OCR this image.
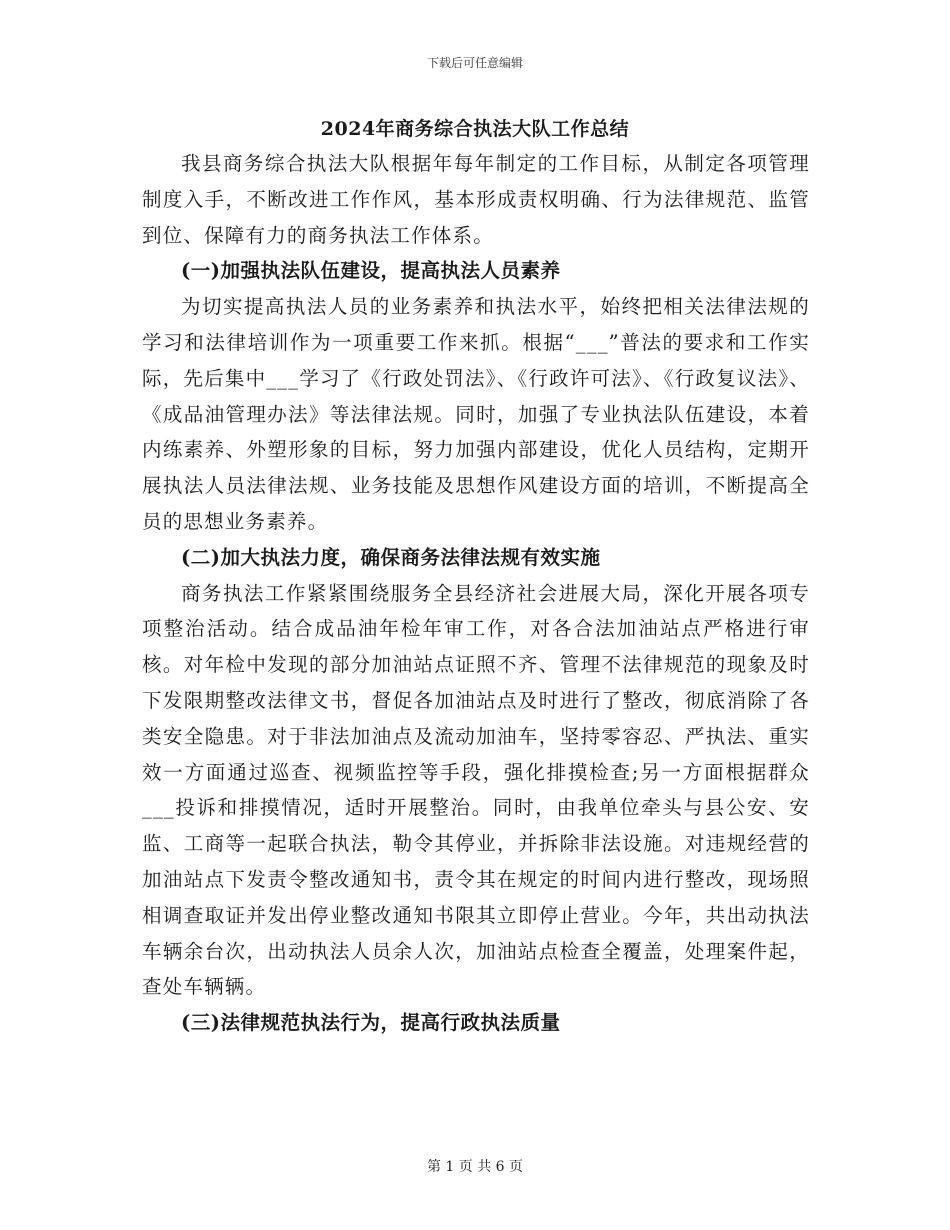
下载后可任意编辑
2024年商务综合执法大队工作总结

我县商务综合执法大队根据年每年制定的工作目标，从制定各项管理制度入手，不断改进工作作风，基本形成责权明确、行为法律规范、监管到位、保障有力的商务执法工作体系。

(一)加强执法队伍建设，提高执法人员素养

为切实提高执法人员的业务素养和执法水平，始终把相关法律法规的学习和法律培训作为一项重要工作来抓。根据“___”普法的要求和工作实际，先后集中___学习了《行政处罚法》、《行政许可法》、《行政复议法》、《成品油管理办法》等法律法规。同时，加强了专业执法队伍建设，本着内练素养、外塑形象的目标，努力加强内部建设，优化人员结构，定期开展执法人员法律法规、业务技能及思想作风建设方面的培训，不断提高全员的思想业务素养。

(二)加大执法力度，确保商务法律法规有效实施

商务执法工作紧紧围绕服务全县经济社会进展大局，深化开展各项专项整治活动。结合成品油年检年审工作，对各合法加油站点严格进行审核。对年检中发现的部分加油站点证照不齐、管理不法律规范的现象及时下发限期整改法律文书，督促各加油站点及时进行了整改，彻底消除了各类安全隐患。对于非法加油点及流动加油车，坚持零容忍、严执法、重实效一方面通过巡查、视频监控等手段，强化排摸检查;另一方面根据群众___投诉和排摸情况，适时开展整治。同时，由我单位牵头与县公安、安监、工商等一起联合执法，勒令其停业，并拆除非法设施。对违规经营的加油站点下发责令整改通知书，责令其在规定的时间内进行整改，现场照相调查取证并发出停业整改通知书限其立即停止营业。今年，共出动执法车辆余台次，出动执法人员余人次，加油站点检查全覆盖，处理案件起，查处车辆辆。

(三)法律规范执法行为，提高行政执法质量

第 1 页 共 6 页
